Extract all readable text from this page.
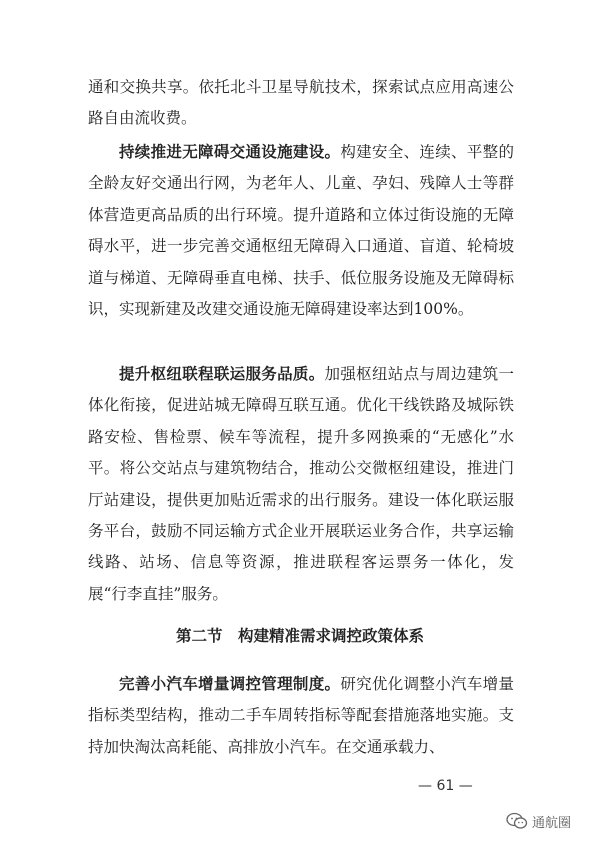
通和交换共享。依托北斗卫星导航技术，探索试点应用高速公路自由流收费。

持续推进无障碍交通设施建设。构建安全、连续、平整的全龄友好交通出行网，为老年人、儿童、孕妇、残障人士等群体营造更高品质的出行环境。提升道路和立体过街设施的无障碍水平，进一步完善交通枢纽无障碍入口通道、盲道、轮椅坡道与梯道、无障碍垂直电梯、扶手、低位服务设施及无障碍标识，实现新建及改建交通设施无障碍建设率达到100%。

提升枢纽联程联运服务品质。加强枢纽站点与周边建筑一体化衔接，促进站城无障碍互联互通。优化干线铁路及城际铁路安检、售检票、候车等流程，提升多网换乘的“无感化”水平。将公交站点与建筑物结合，推动公交微枢纽建设，推进门厅站建设，提供更加贴近需求的出行服务。建设一体化联运服务平台，鼓励不同运输方式企业开展联运业务合作，共享运输线路、站场、信息等资源，推进联程客运票务一体化，发展“行李直挂”服务。

第二节　构建精准需求调控政策体系

完善小汽车增量调控管理制度。研究优化调整小汽车增量指标类型结构，推动二手车周转指标等配套措施落地实施。支持加快淘汰高耗能、高排放小汽车。在交通承载力、

— 61 —
通航圈
